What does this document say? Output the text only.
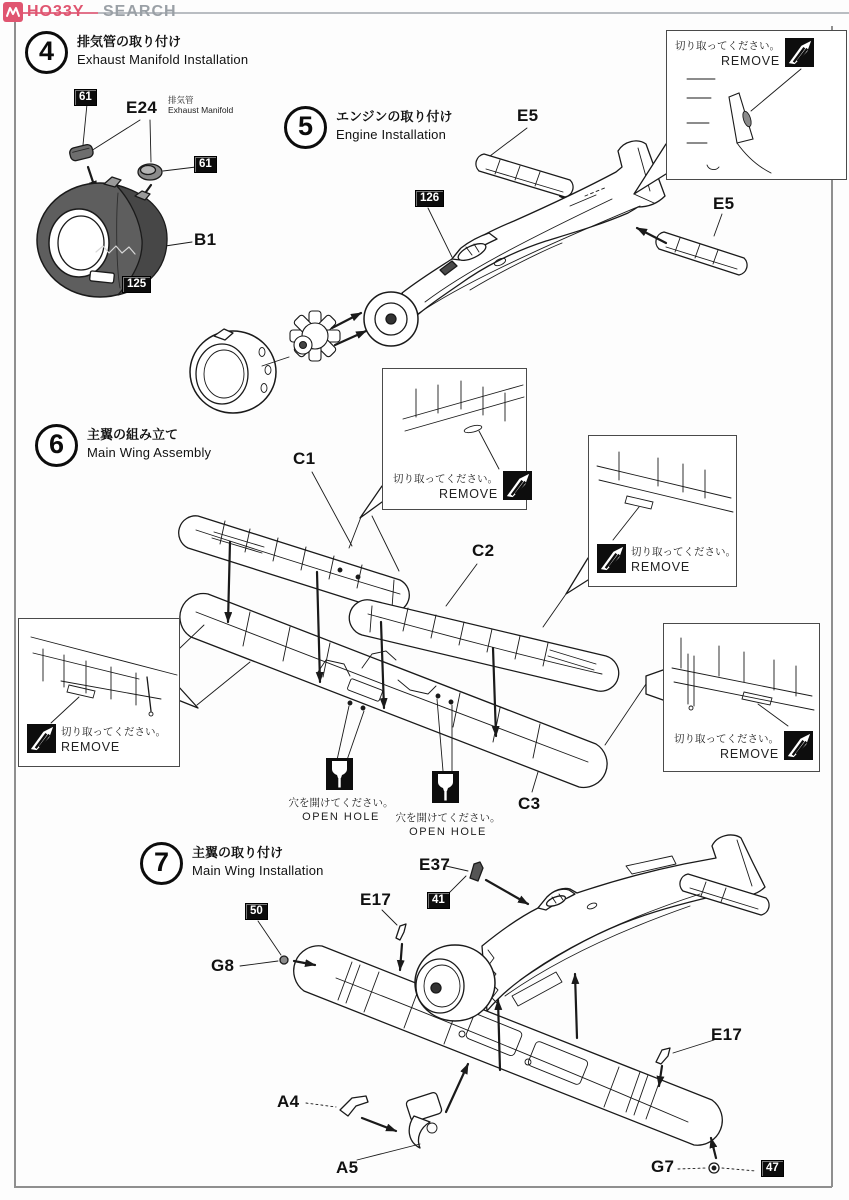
HO33Y SEARCH
4	排気管の取り付け
Exhaust Manifold Installation
5	エンジンの取り付け
Engine Installation
6	主翼の組み立て
Main Wing Assembly
7	主翼の取り付け
Main Wing Installation
61
E24 排気管
Exhaust Manifold
61
B1
125
126
E5
E5
C1
C2
C3
E37
E17	41
50
G8
E17
A4
A5	G7	47
切り取ってください。
REMOVE
切り取ってください。
REMOVE
切り取ってください。
REMOVE
切り取ってください。
REMOVE
切り取ってください。
REMOVE
穴を開けてください。
OPEN HOLE	穴を開けてください。
OPEN HOLE
